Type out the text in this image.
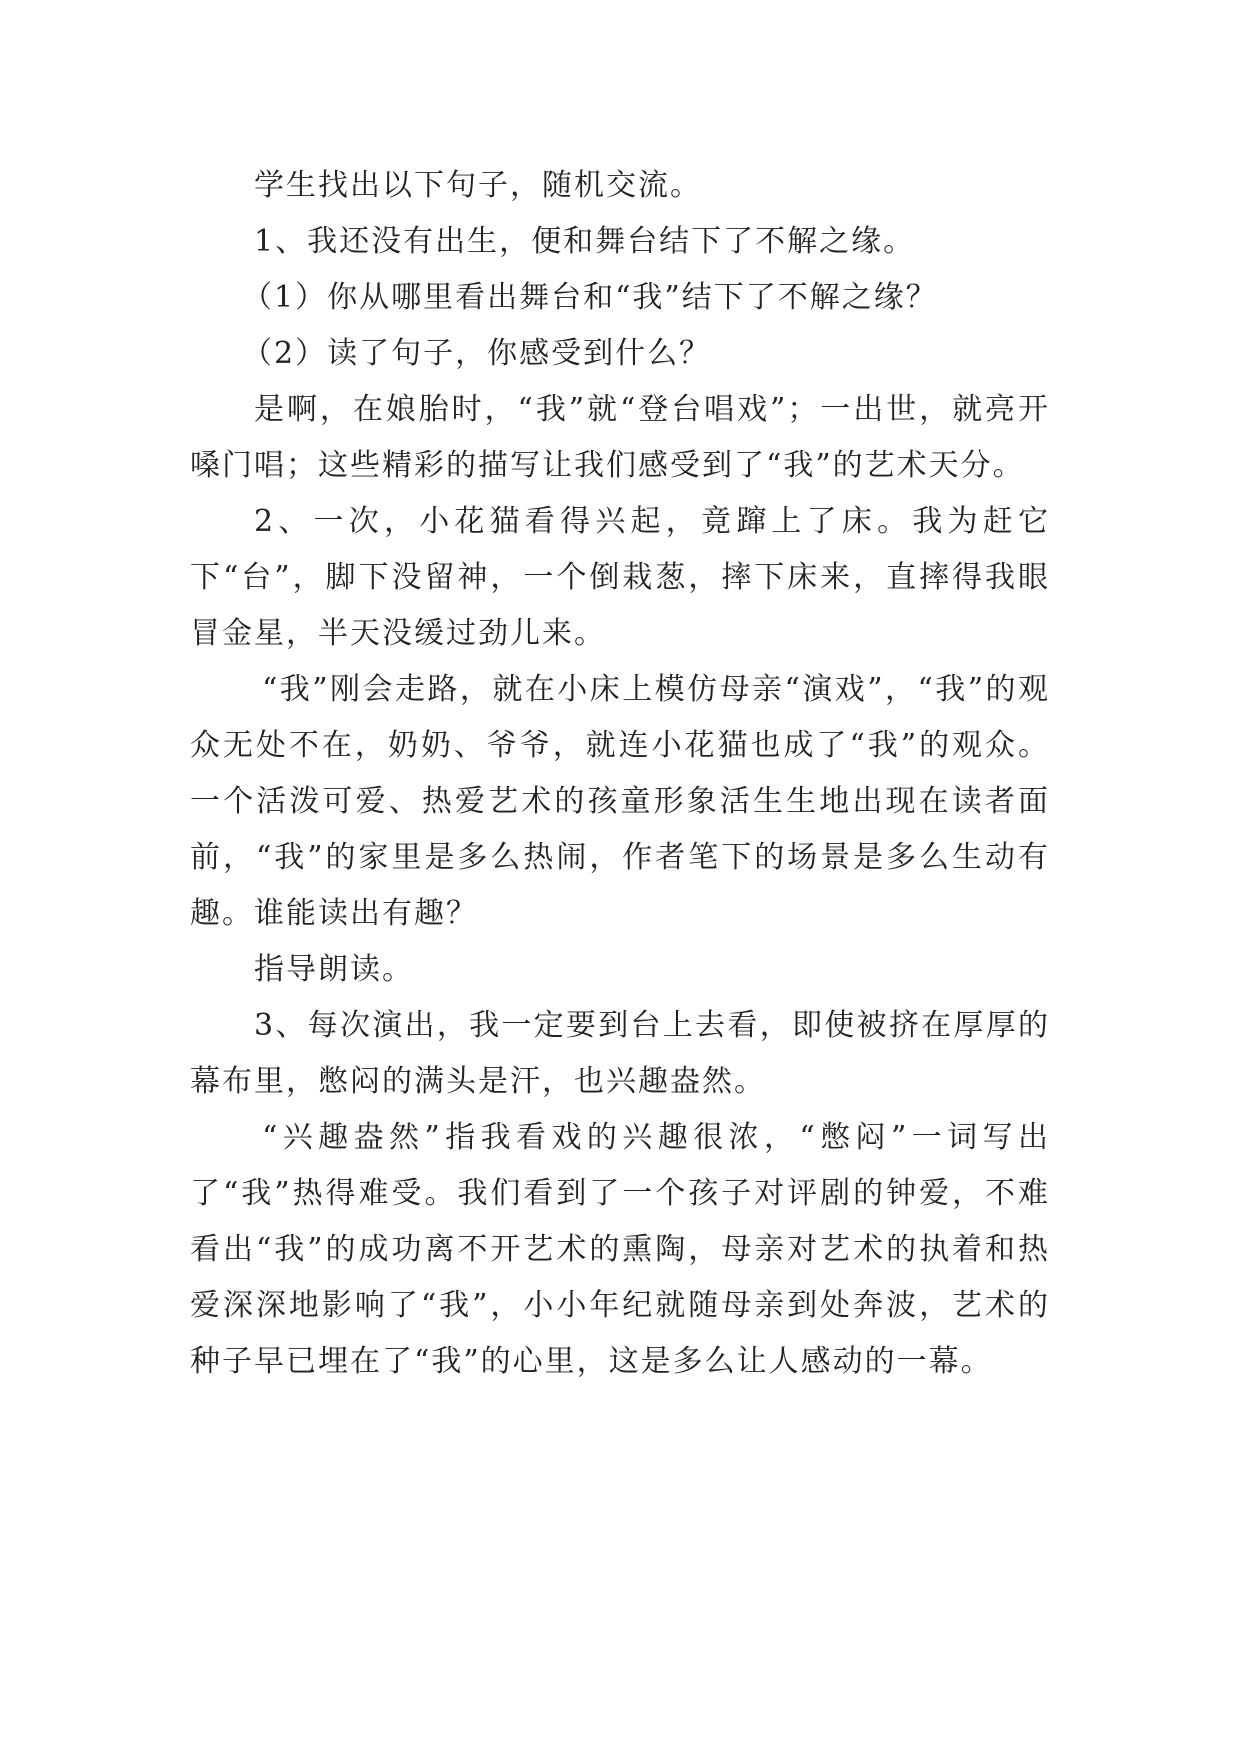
学生找出以下句子，随机交流。

1、我还没有出生，便和舞台结下了不解之缘。

（1）你从哪里看出舞台和“我”结下了不解之缘？

（2）读了句子，你感受到什么？

是啊，在娘胎时，“我”就“登台唱戏”；一出世，就亮开嗓门唱；这些精彩的描写让我们感受到了“我”的艺术天分。

2、一次，小花猫看得兴起，竟蹿上了床。我为赶它下“台”，脚下没留神，一个倒栽葱，摔下床来，直摔得我眼冒金星，半天没缓过劲儿来。

“我”刚会走路，就在小床上模仿母亲“演戏”，“我”的观众无处不在，奶奶、爷爷，就连小花猫也成了“我”的观众。一个活泼可爱、热爱艺术的孩童形象活生生地出现在读者面前，“我”的家里是多么热闹，作者笔下的场景是多么生动有趣。谁能读出有趣？

指导朗读。

3、每次演出，我一定要到台上去看，即使被挤在厚厚的幕布里，憋闷的满头是汗，也兴趣盎然。

“兴趣盎然”指我看戏的兴趣很浓，“憋闷”一词写出了“我”热得难受。我们看到了一个孩子对评剧的钟爱，不难看出“我”的成功离不开艺术的熏陶，母亲对艺术的执着和热爱深深地影响了“我”，小小年纪就随母亲到处奔波，艺术的种子早已埋在了“我”的心里，这是多么让人感动的一幕。
